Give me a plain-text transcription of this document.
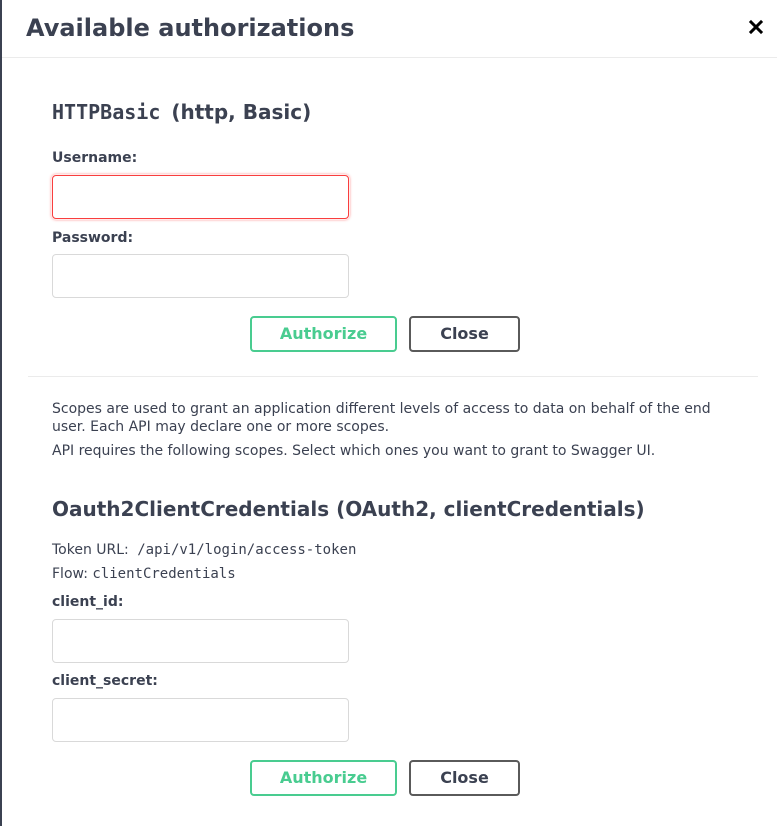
Available authorizations
HTTPBasic (http, Basic)
Username:
Password:
Authorize	Close

Scopes are used to grant an application different levels of access to data on behalf of the end user. Each API may declare one or more scopes.

API requires the following scopes. Select which ones you want to grant to Swagger UI.

Oauth2ClientCredentials (OAuth2, clientCredentials)
Token URL: /api/v1/login/access-token
Flow: clientCredentials
client_id:
client_secret:
Authorize	Close
